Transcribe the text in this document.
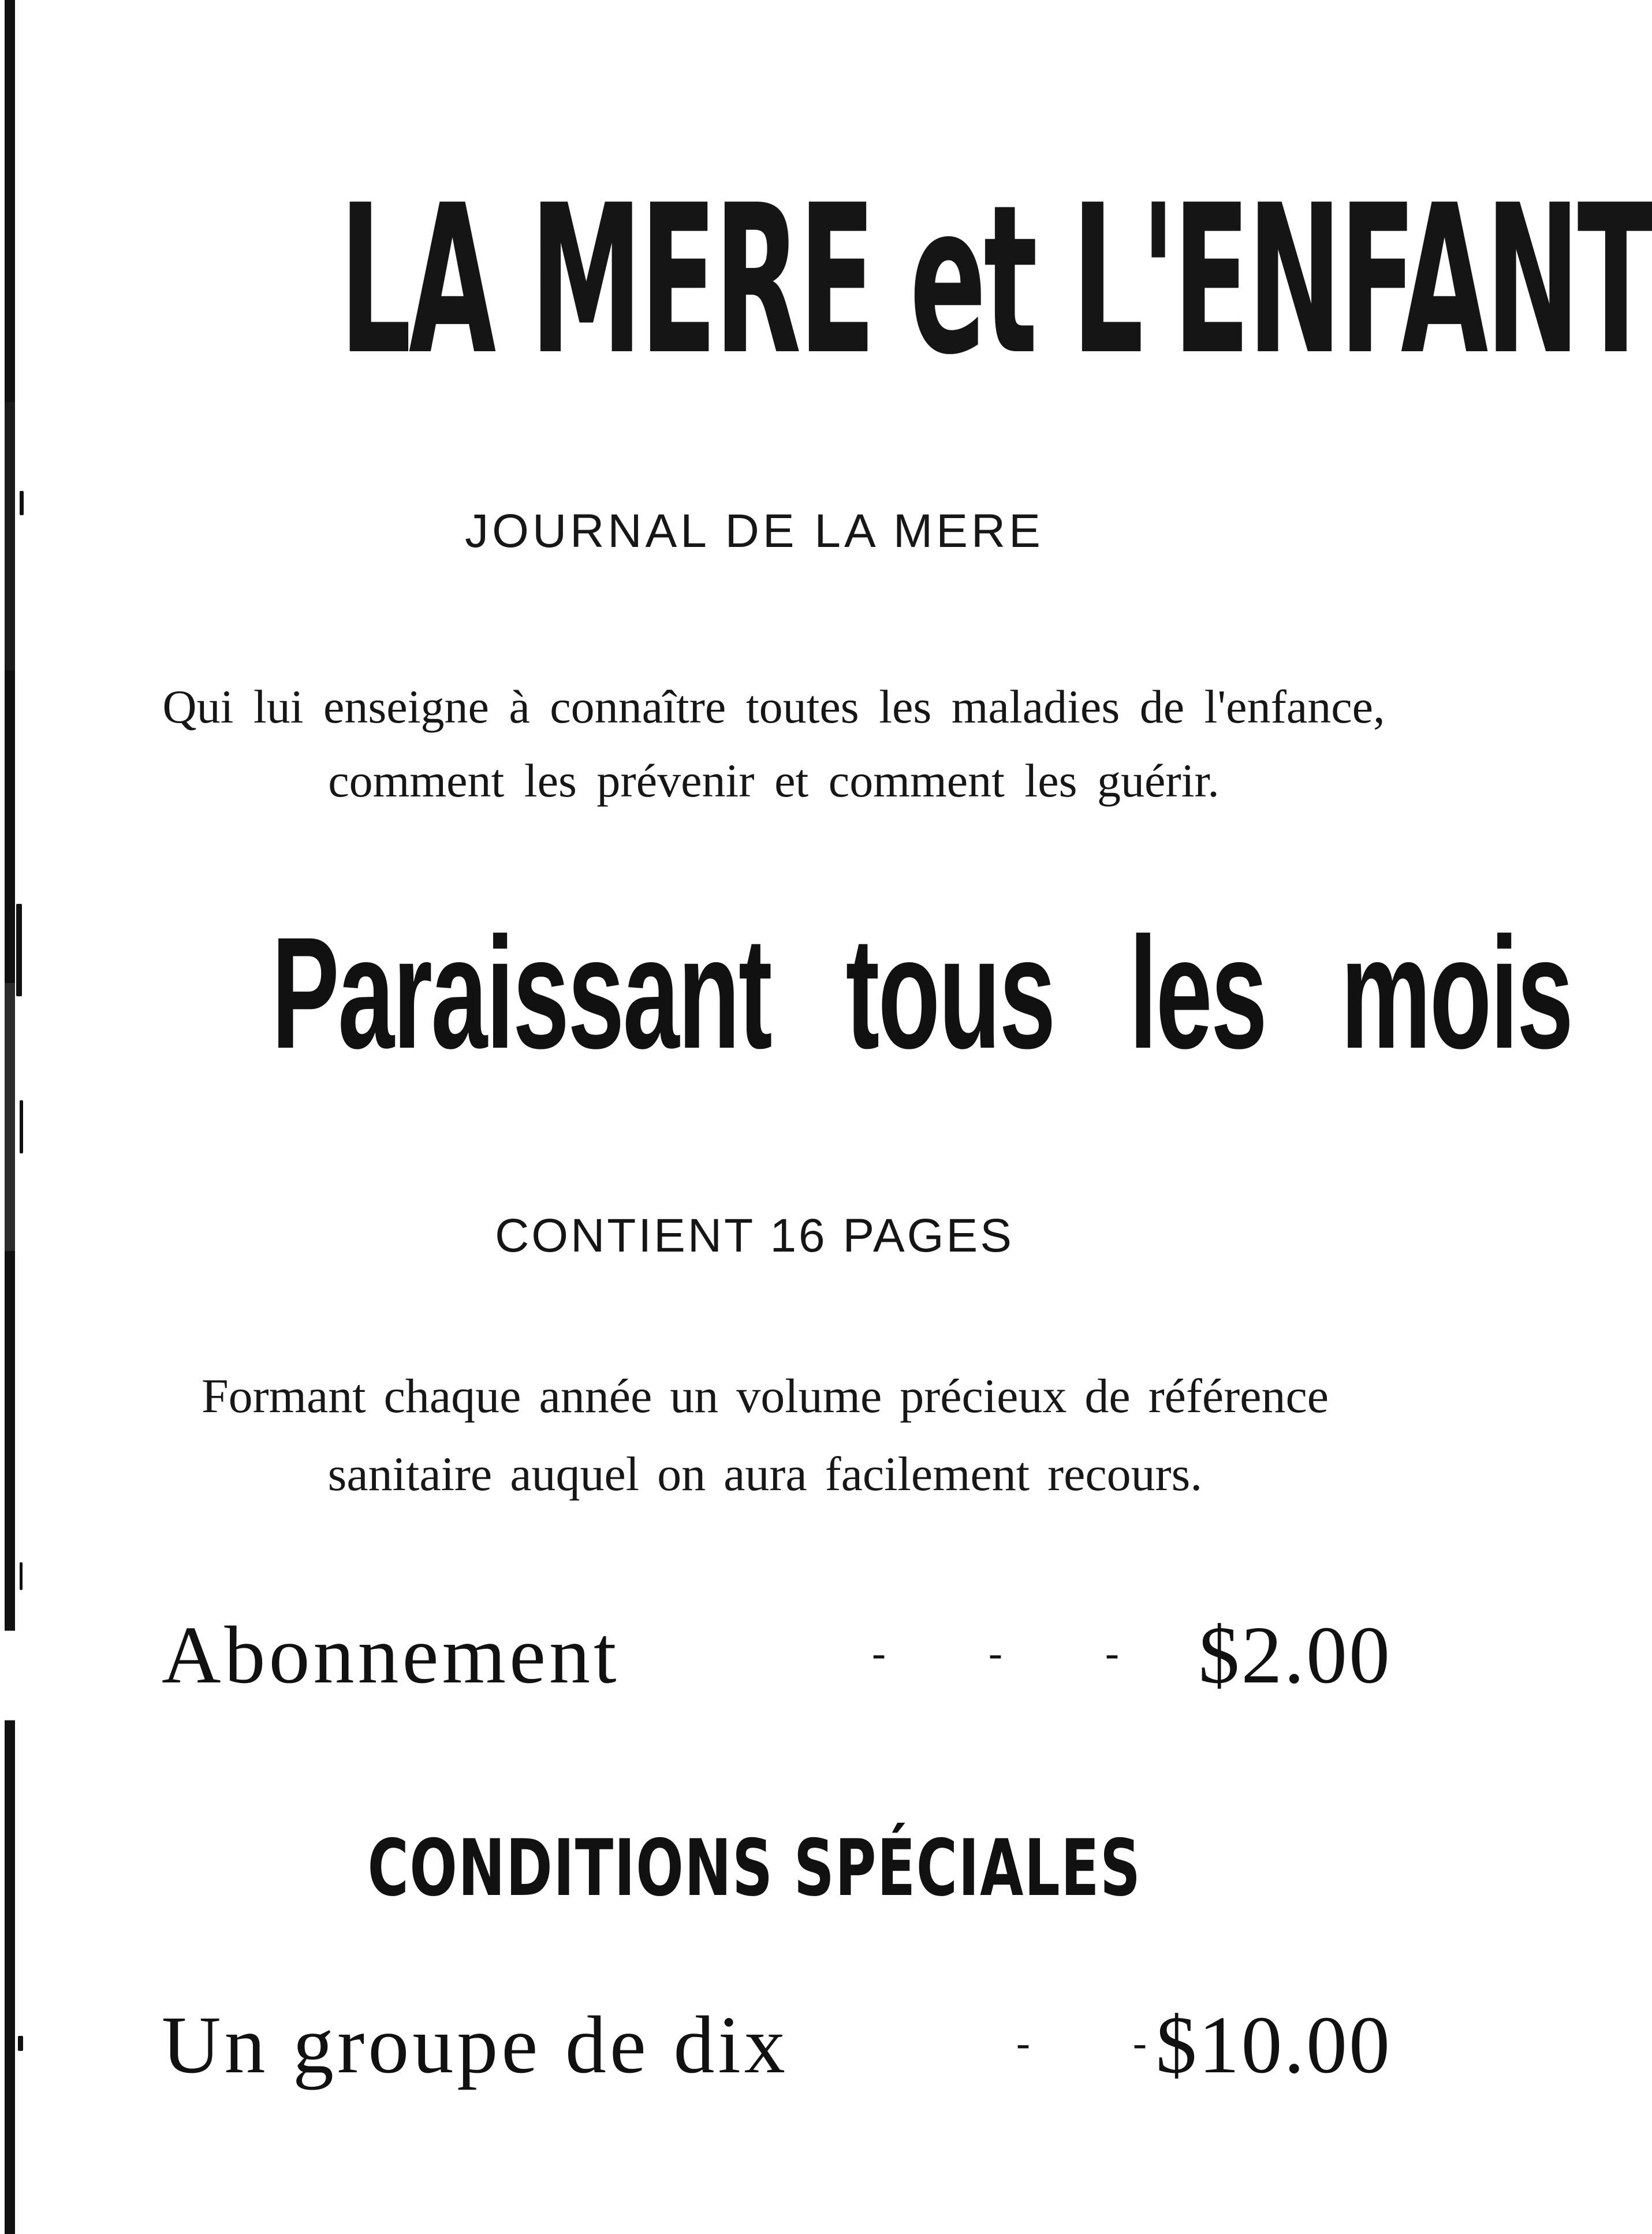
LA MERE et L'ENFANT
JOURNAL DE LA MERE
Qui lui enseigne à connaître toutes les maladies de l'enfance, comment les prévenir et comment les guérir.
Paraissant tous les mois
CONTIENT 16 PAGES
Formant chaque année un volume précieux de référence sanitaire auquel on aura facilement recours.
Abonnement	- - - $2.00
CONDITIONS SPÉCIALES
Un groupe de dix	- -
$10.00
